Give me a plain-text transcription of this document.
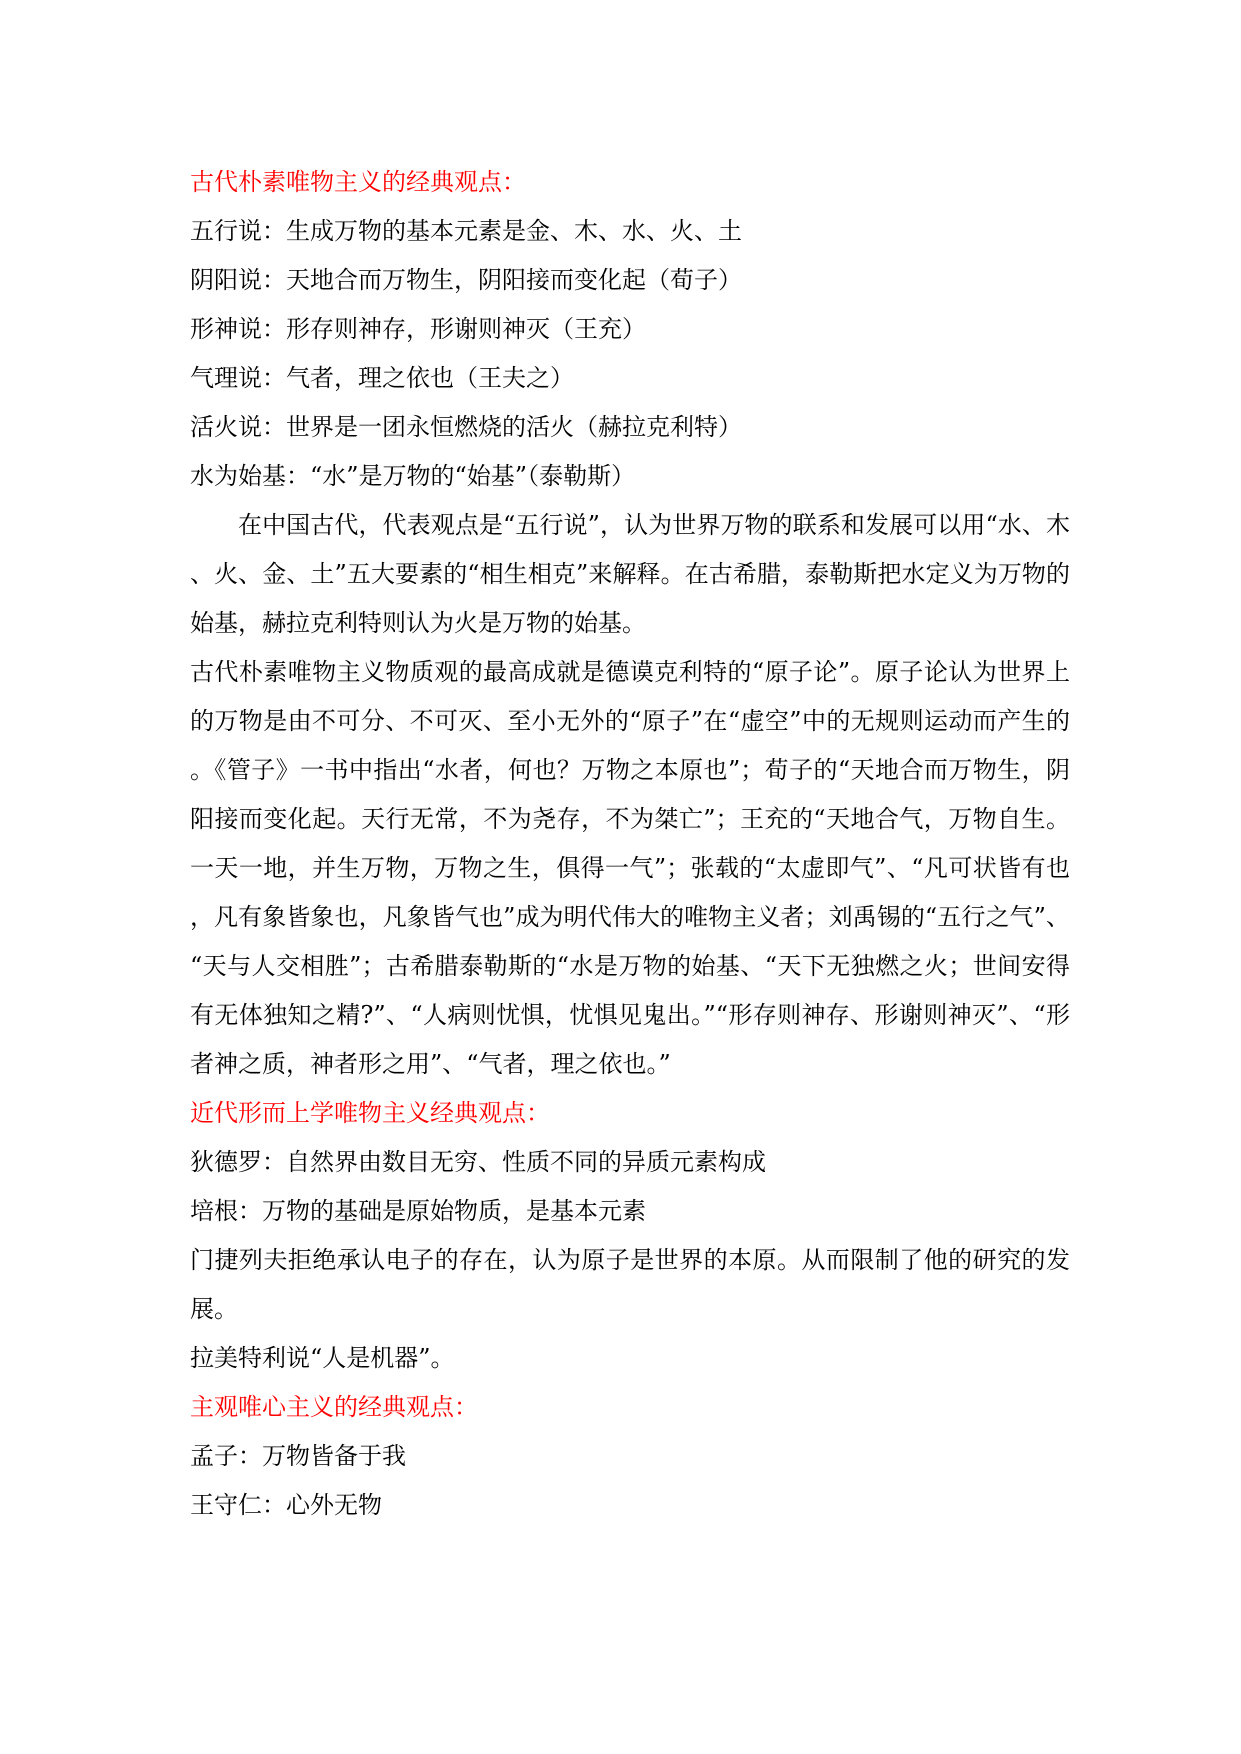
古代朴素唯物主义的经典观点：
五行说：生成万物的基本元素是金、木、水、火、土
阴阳说：天地合而万物生，阴阳接而变化起（荀子）
形神说：形存则神存，形谢则神灭（王充）
气理说：气者，理之依也（王夫之）
活火说：世界是一团永恒燃烧的活火（赫拉克利特）
水为始基：“水”是万物的“始基”（泰勒斯）
在中国古代，代表观点是“五行说”，认为世界万物的联系和发展可以用“水、木、火、金、土”五大要素的“相生相克”来解释。在古希腊，泰勒斯把水定义为万物的始基，赫拉克利特则认为火是万物的始基。
古代朴素唯物主义物质观的最高成就是德谟克利特的“原子论”。原子论认为世界上的万物是由不可分、不可灭、至小无外的“原子”在“虚空”中的无规则运动而产生的。《管子》一书中指出“水者，何也？万物之本原也”；荀子的“天地合而万物生，阴阳接而变化起。天行无常，不为尧存，不为桀亡”；王充的“天地合气，万物自生。一天一地，并生万物，万物之生，俱得一气”；张载的“太虚即气”、“凡可状皆有也，凡有象皆象也，凡象皆气也”成为明代伟大的唯物主义者；刘禹锡的“五行之气”、“天与人交相胜”；古希腊泰勒斯的“水是万物的始基、“天下无独燃之火；世间安得有无体独知之精?”、“人病则忧惧，忧惧见鬼出。”“形存则神存、形谢则神灭”、“形者神之质，神者形之用”、“气者，理之依也。”
近代形而上学唯物主义经典观点：
狄德罗：自然界由数目无穷、性质不同的异质元素构成
培根：万物的基础是原始物质，是基本元素
门捷列夫拒绝承认电子的存在，认为原子是世界的本原。从而限制了他的研究的发展。
拉美特利说“人是机器”。
主观唯心主义的经典观点：
孟子：万物皆备于我
王守仁：心外无物
